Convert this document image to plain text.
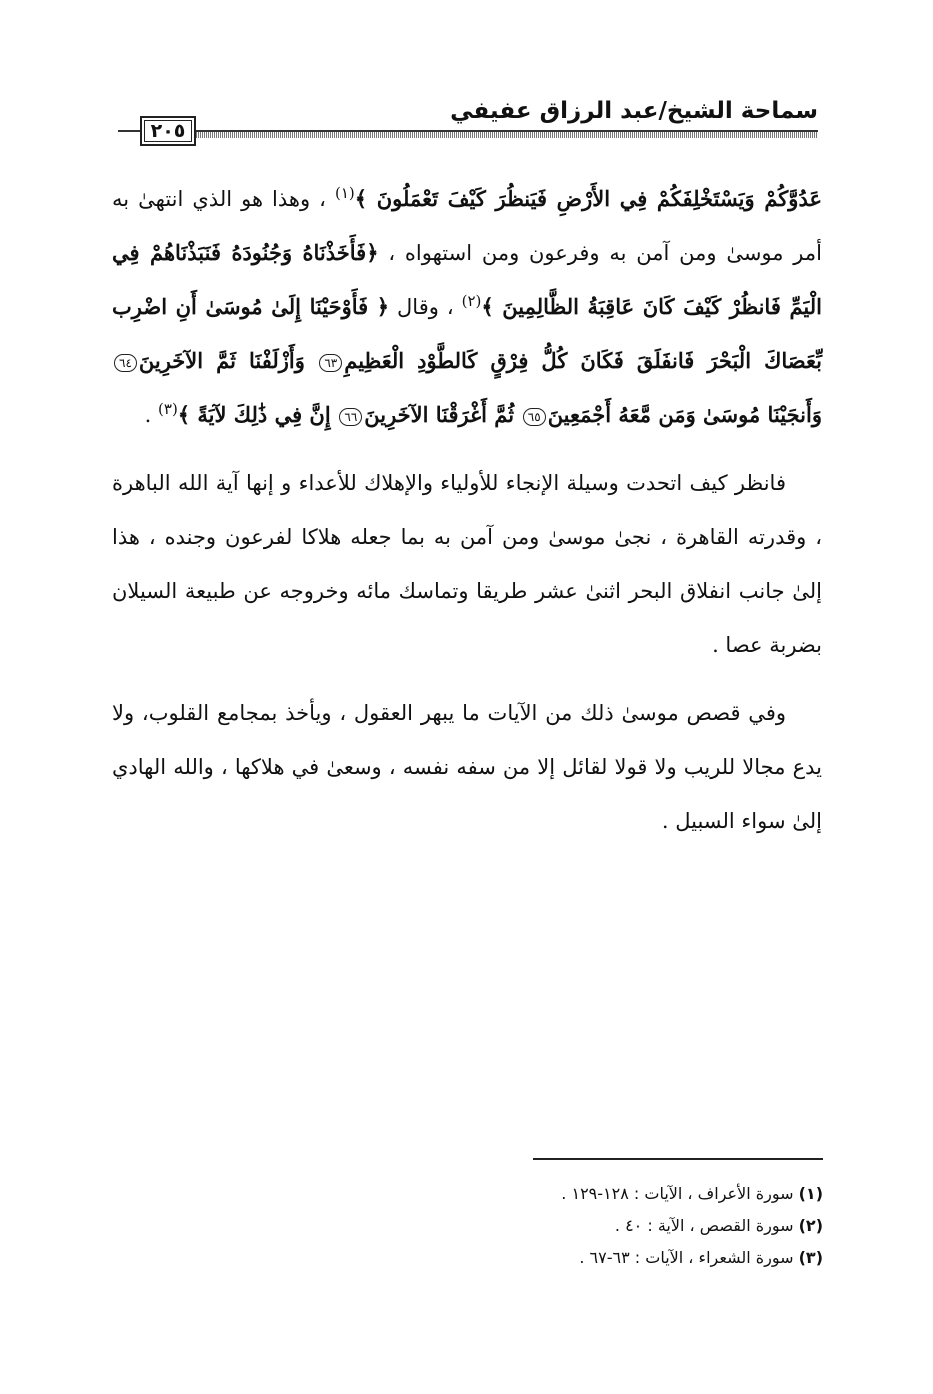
سماحة الشيخ/عبد الرزاق عفيفي
٢٠٥

عَدُوَّكُمْ وَيَسْتَخْلِفَكُمْ فِي الأَرْضِ فَيَنظُرَ كَيْفَ تَعْمَلُونَ ﴾$^{(١)}$ ، وهذا هو الذي انتهىٰ به أمر موسىٰ ومن آمن به وفرعون ومن استهواه ، ﴿فَأَخَذْنَاهُ وَجُنُودَهُ فَنَبَذْنَاهُمْ فِي الْيَمِّ فَانظُرْ كَيْفَ كَانَ عَاقِبَةُ الظَّالِمِينَ ﴾$^{(٢)}$ ، وقال ﴿ فَأَوْحَيْنَا إِلَىٰ مُوسَىٰ أَنِ اضْرِب بِّعَصَاكَ الْبَحْرَ فَانفَلَقَ فَكَانَ كُلُّ فِرْقٍ كَالطَّوْدِ الْعَظِيمِ٦٣ وَأَزْلَفْنَا ثَمَّ الآخَرِينَ٦٤ وَأَنجَيْنَا مُوسَىٰ وَمَن مَّعَهُ أَجْمَعِينَ٦٥ ثُمَّ أَغْرَقْنَا الآخَرِينَ٦٦ إِنَّ فِي ذَٰلِكَ لآيَةً ﴾$^{(٣)}$ .

فانظر كيف اتحدت وسيلة الإنجاء للأولياء والإهلاك للأعداء و إنها آية الله الباهرة ، وقدرته القاهرة ، نجىٰ موسىٰ ومن آمن به بما جعله هلاكا لفرعون وجنده ، هذا إلىٰ جانب انفلاق البحر اثنىٰ عشر طريقا وتماسك مائه وخروجه عن طبيعة السيلان بضربة عصا .

وفي قصص موسىٰ ذلك من الآيات ما يبهر العقول ، ويأخذ بمجامع القلوب، ولا يدع مجالا للريب ولا قولا لقائل إلا من سفه نفسه ، وسعىٰ في هلاكها ، والله الهادي إلىٰ سواء السبيل .

(١) سورة الأعراف ، الآيات : ١٢٨-١٢٩ .

(٢) سورة القصص ، الآية : ٤٠ .

(٣) سورة الشعراء ، الآيات : ٦٣-٦٧ .
